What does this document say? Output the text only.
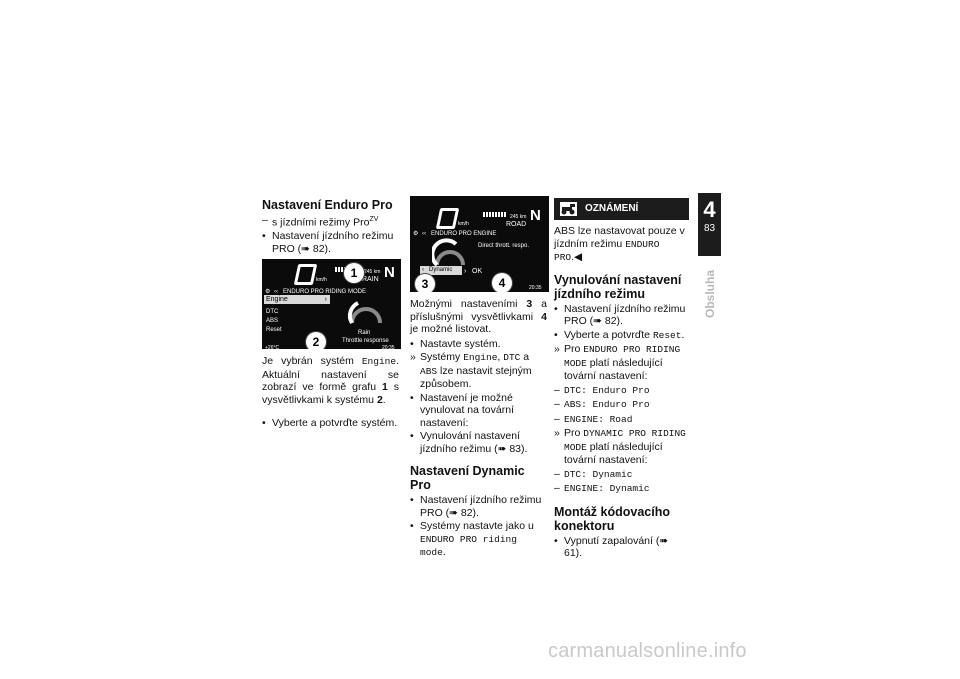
Nastavení Enduro Pro
– s jízdními režimy Pro$^{ZV}$
• Nastavení jízdního režimu PRO (➠ 82).
km/h
245 km
RAIN N
⚙ ‹‹ ENDURO PRO RIDING MODE
Engine	›
DTC
ABS
Reset	Rain
Throttle response
+26°C	20:35
1
2

Je vybrán systém Engine. Aktuální nastavení se zobrazí ve formě grafu 1 s vysvětlivkami k systému 2.

• Vyberte a potvrďte systém.
km/h
245 km
ROAD
N
⚙ ‹‹ ENDURO PRO ENGINE
Direct thrott. respo.
‹ Dynamic › OK
20:35
3	4

Možnými nastaveními 3 a příslušnými vysvětlivkami 4 je možné listovat.

• Nastavte systém.
» Systémy Engine, DTC a ABS lze nastavit stejným způsobem.
• Nastavení je možné vynulovat na tovární nastavení:
• Vynulování nastavení jízdního režimu (➠ 83).
Nastavení Dynamic Pro
• Nastavení jízdního režimu PRO (➠ 82).
• Systémy nastavte jako u ENDURO PRO riding mode.
OZNÁMENÍ

ABS lze nastavovat pouze v jízdním režimu ENDURO PRO.◀

Vynulování nastavení jízdního režimu
• Nastavení jízdního režimu PRO (➠ 82).
• Vyberte a potvrďte Reset.
» Pro ENDURO PRO RIDING MODE platí následující tovární nastavení:
– DTC: Enduro Pro
– ABS: Enduro Pro
– ENGINE: Road
» Pro DYNAMIC PRO RIDING MODE platí následující tovární nastavení:
– DTC: Dynamic
– ENGINE: Dynamic
Montáž kódovacího konektoru
• Vypnutí zapalování (➠ 61).
4
83
Obsluha
carmanualsonline.info
